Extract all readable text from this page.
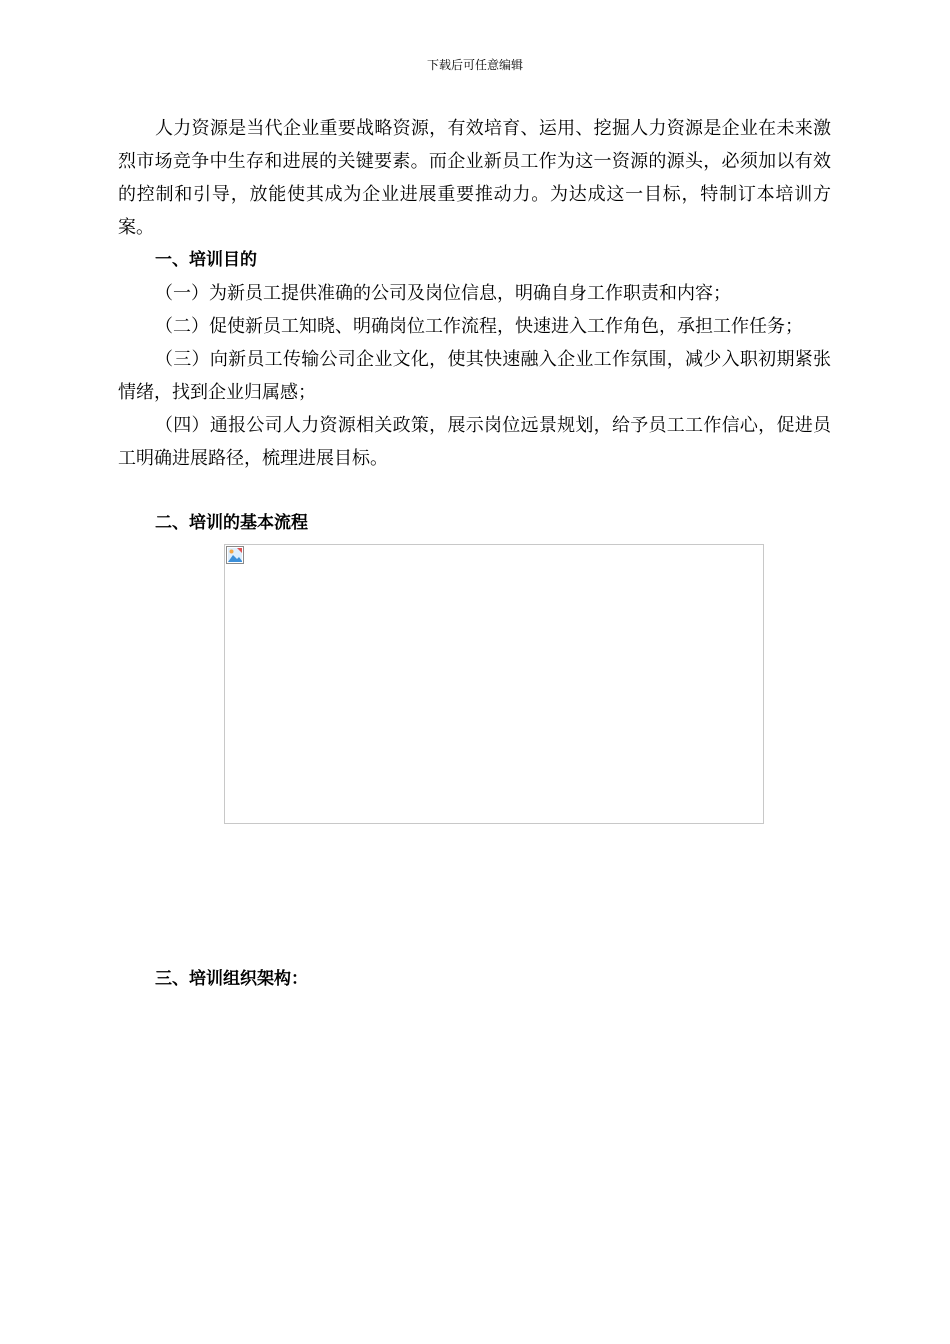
下载后可任意编辑

人力资源是当代企业重要战略资源，有效培育、运用、挖掘人力资源是企业在未来激烈市场竞争中生存和进展的关键要素。而企业新员工作为这一资源的源头，必须加以有效的控制和引导，放能使其成为企业进展重要推动力。为达成这一目标，特制订本培训方案。

一、培训目的

（一）为新员工提供准确的公司及岗位信息，明确自身工作职责和内容；

（二）促使新员工知晓、明确岗位工作流程，快速进入工作角色，承担工作任务；

（三）向新员工传输公司企业文化，使其快速融入企业工作氛围，减少入职初期紧张情绪，找到企业归属感；

（四）通报公司人力资源相关政策，展示岗位远景规划，给予员工工作信心，促进员工明确进展路径，梳理进展目标。

二、培训的基本流程

三、培训组织架构：
